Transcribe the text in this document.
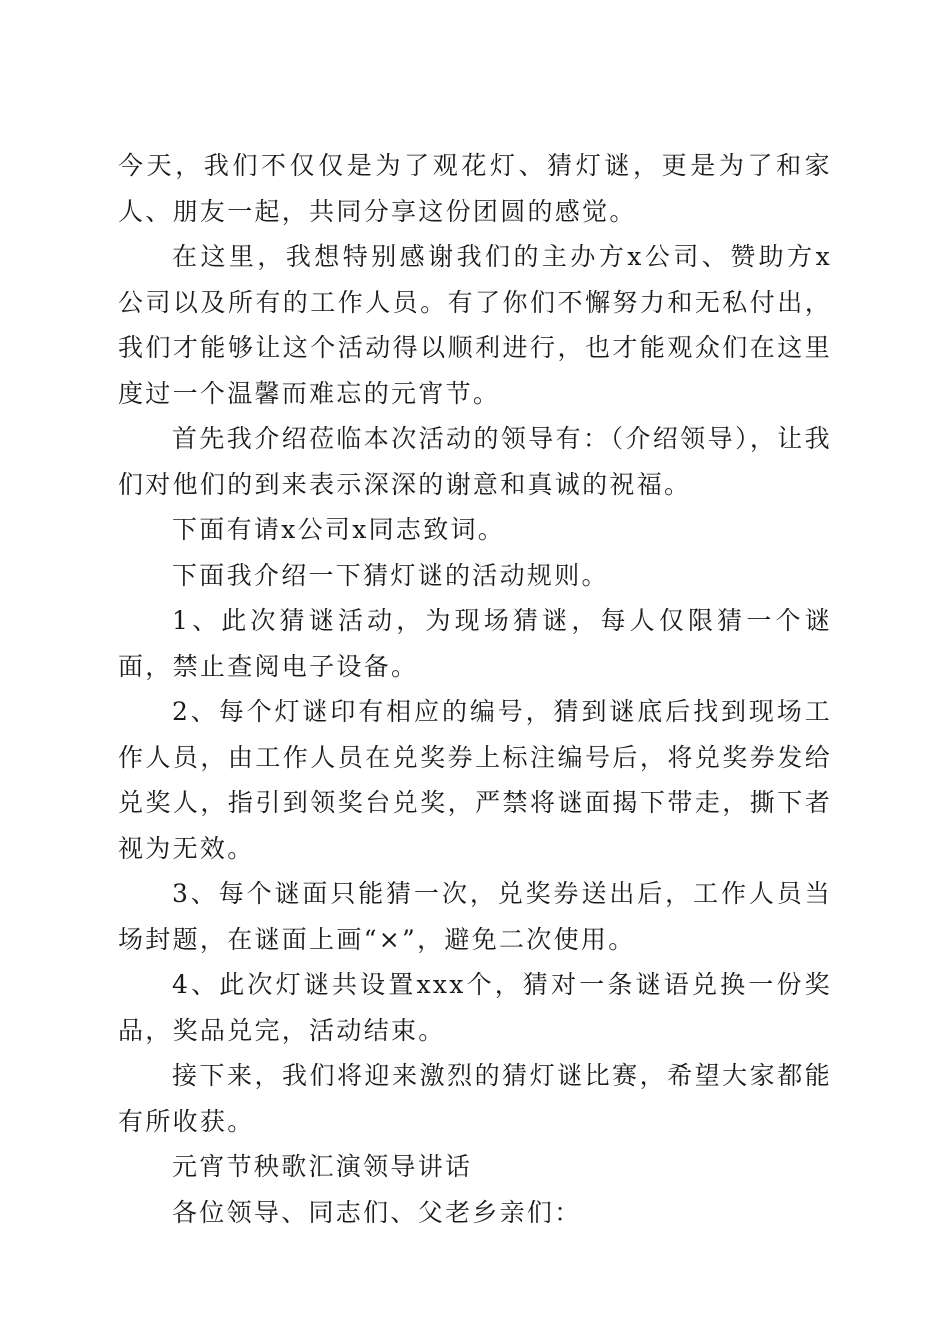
今天，我们不仅仅是为了观花灯、猜灯谜，更是为了和家人、朋友一起，共同分享这份团圆的感觉。

在这里，我想特别感谢我们的主办方x公司、赞助方x公司以及所有的工作人员。有了你们不懈努力和无私付出，我们才能够让这个活动得以顺利进行，也才能观众们在这里度过一个温馨而难忘的元宵节。

首先我介绍莅临本次活动的领导有：（介绍领导），让我们对他们的到来表示深深的谢意和真诚的祝福。

下面有请x公司x同志致词。

下面我介绍一下猜灯谜的活动规则。

1、此次猜谜活动，为现场猜谜，每人仅限猜一个谜面，禁止查阅电子设备。

2、每个灯谜印有相应的编号，猜到谜底后找到现场工作人员，由工作人员在兑奖券上标注编号后，将兑奖券发给兑奖人，指引到领奖台兑奖，严禁将谜面揭下带走，撕下者视为无效。

3、每个谜面只能猜一次，兑奖券送出后，工作人员当场封题，在谜面上画“×”，避免二次使用。

4、此次灯谜共设置xxx个，猜对一条谜语兑换一份奖品，奖品兑完，活动结束。

接下来，我们将迎来激烈的猜灯谜比赛，希望大家都能有所收获。

元宵节秧歌汇演领导讲话

各位领导、同志们、父老乡亲们：
